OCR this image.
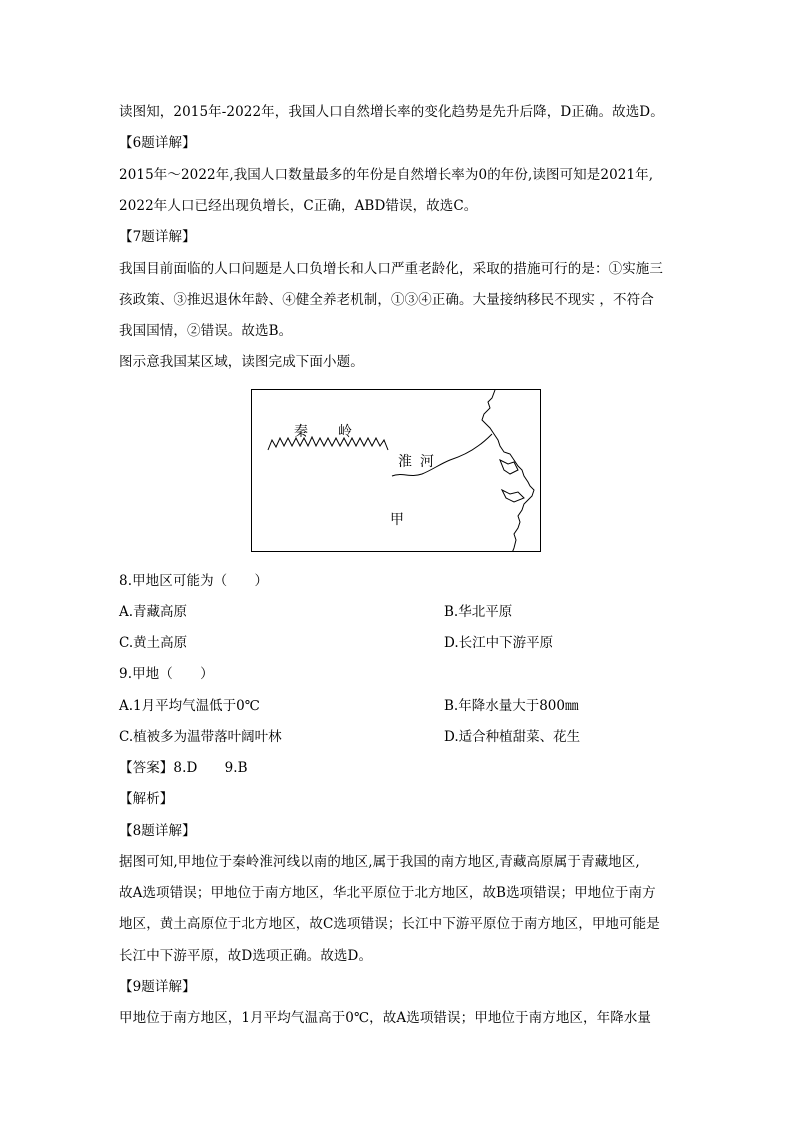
读图知，2015年-2022年，我国人口自然增长率的变化趋势是先升后降，D正确。故选D。
【6题详解】
2015年～2022年,我国人口数量最多的年份是自然增长率为0的年份,读图可知是2021年,
2022年人口已经出现负增长，C正确，ABD错误，故选C。
【7题详解】
我国目前面临的人口问题是人口负增长和人口严重老龄化，采取的措施可行的是：①实施三
孩政策、③推迟退休年龄、④健全养老机制，①③④正确。大量接纳移民不现实 ，不符合
我国国情，②错误。故选B。
图示意我国某区域，读图完成下面小题。
秦 岭
淮 河
甲
8.甲地区可能为（　　）
A.青藏高原	B.华北平原
C.黄土高原	D.长江中下游平原
9.甲地（　　）
A.1月平均气温低于0℃	B.年降水量大于800㎜
C.植被多为温带落叶阔叶林	D.适合种植甜菜、花生
【答案】8.D　　9.B
【解析】
【8题详解】
据图可知,甲地位于秦岭淮河线以南的地区,属于我国的南方地区,青藏高原属于青藏地区,
故A选项错误；甲地位于南方地区，华北平原位于北方地区，故B选项错误；甲地位于南方
地区，黄土高原位于北方地区，故C选项错误；长江中下游平原位于南方地区，甲地可能是
长江中下游平原，故D选项正确。故选D。
【9题详解】
甲地位于南方地区，1月平均气温高于0℃，故A选项错误；甲地位于南方地区，年降水量
